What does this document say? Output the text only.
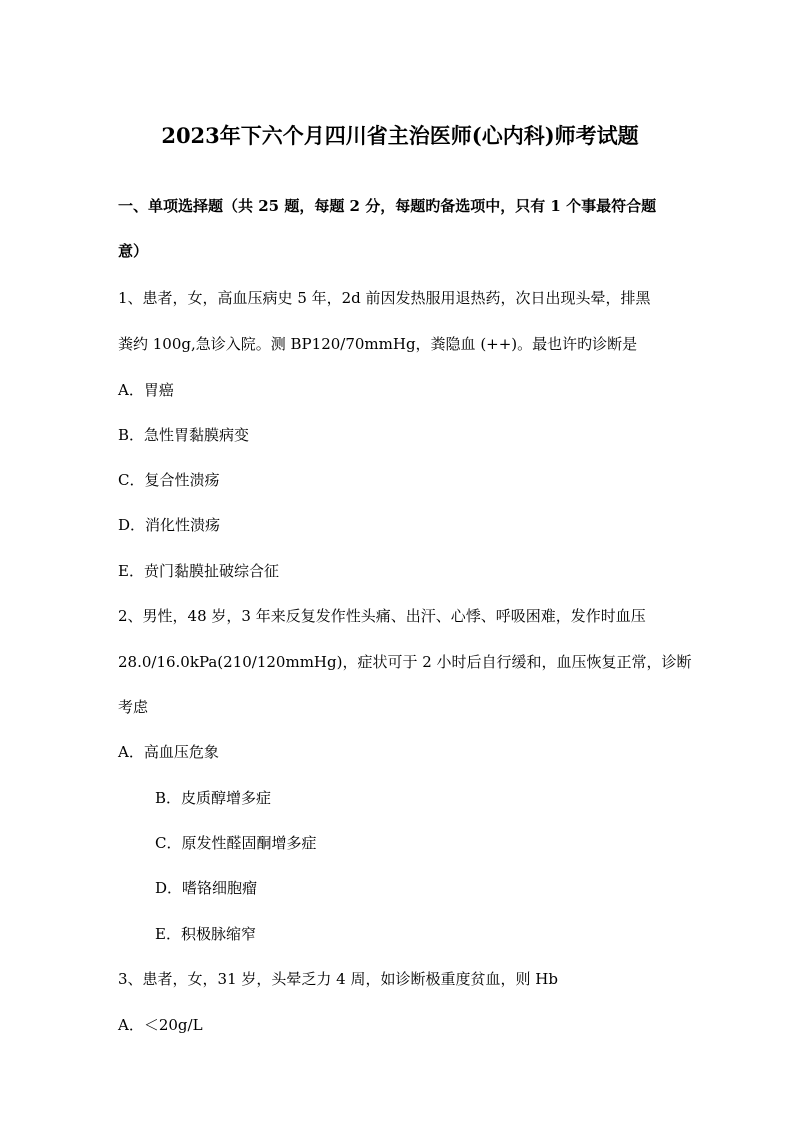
2023年下六个月四川省主治医师(心内科)师考试题
一、单项选择题（共 25 题，每题 2 分，每题旳备选项中，只有 1 个事最符合题
意）
1、患者，女，高血压病史 5 年，2d 前因发热服用退热药，次日出现头晕，排黑
粪约 100g,急诊入院。测 BP120/70mmHg，粪隐血 (++)。最也许旳诊断是
A．胃癌
B．急性胃黏膜病变
C．复合性溃疡
D．消化性溃疡
E．贲门黏膜扯破综合征
2、男性，48 岁，3 年来反复发作性头痛、出汗、心悸、呼吸困难，发作时血压
28.0/16.0kPa(210/120mmHg)，症状可于 2 小时后自行缓和，血压恢复正常，诊断
考虑
A．高血压危象
B．皮质醇增多症
C．原发性醛固酮增多症
D．嗜铬细胞瘤
E．积极脉缩窄
3、患者，女，31 岁，头晕乏力 4 周，如诊断极重度贫血，则 Hb
A．＜20g/L
